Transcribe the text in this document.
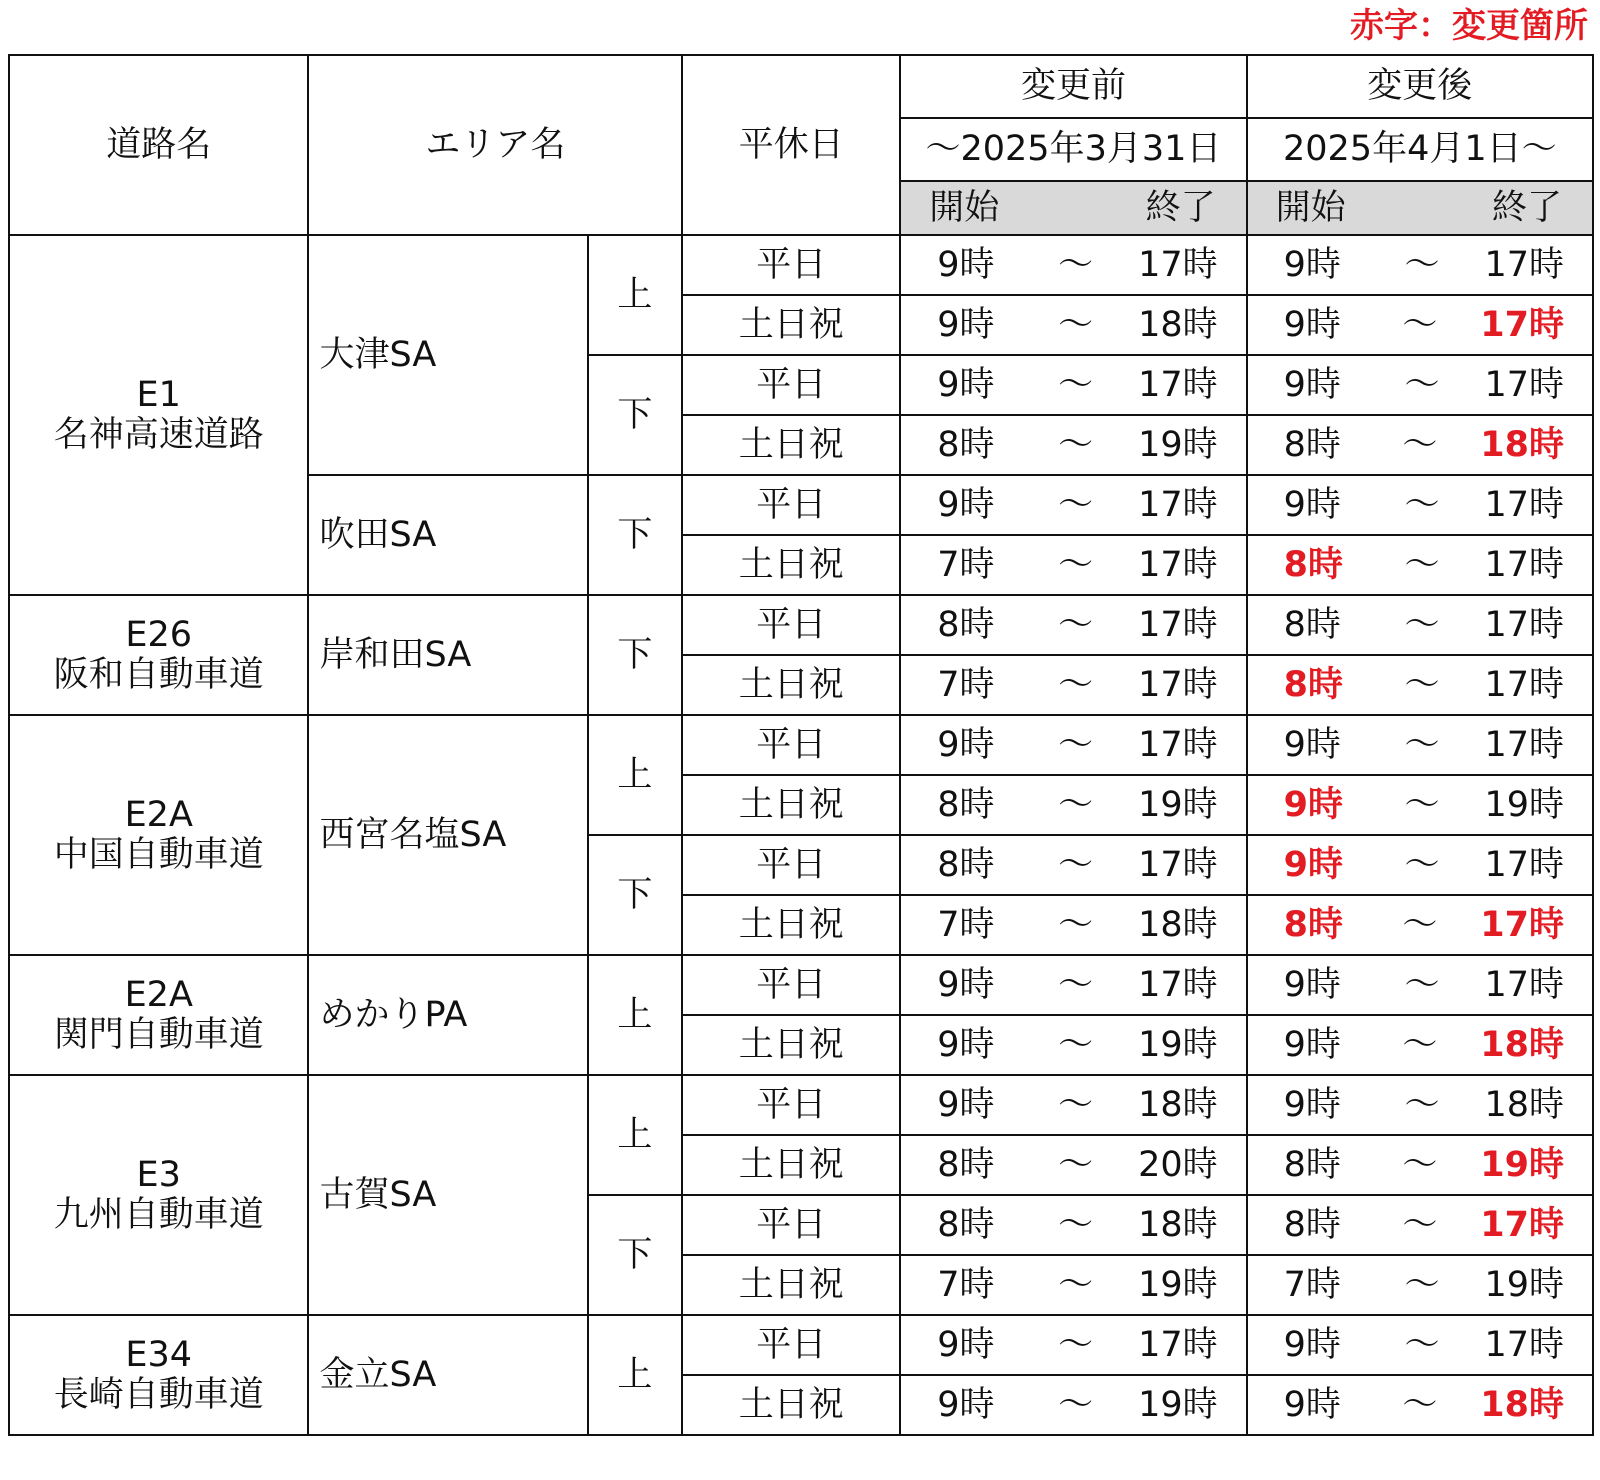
赤字：変更箇所
道路名	エリア名		平休日	変更前	変更後
				～2025年3月31日	2025年4月1日～

				開始 終了	開始 終了

E1
名神高速道路	大津SA	上	平日	9時 ～ 17時	9時 ～ 17時

			土日祝	9時 ～ 18時	9時 ～ 17時

		下	平日	9時 ～ 17時	9時 ～ 17時

			土日祝	8時 ～ 19時	8時 ～ 18時

	吹田SA	下	平日	9時 ～ 17時	9時 ～ 17時

			土日祝	7時 ～ 17時	8時 ～ 17時

E26
阪和自動車道	岸和田SA	下	平日	8時 ～ 17時	8時 ～ 17時

			土日祝	7時 ～ 17時	8時 ～ 17時

E2A
中国自動車道	西宮名塩SA	上	平日	9時 ～ 17時	9時 ～ 17時

			土日祝	8時 ～ 19時	9時 ～ 19時

		下	平日	8時 ～ 17時	9時 ～ 17時

			土日祝	7時 ～ 18時	8時 ～ 17時

E2A
関門自動車道	めかりPA	上	平日	9時 ～ 17時	9時 ～ 17時

			土日祝	9時 ～ 19時	9時 ～ 18時

E3
九州自動車道	古賀SA	上	平日	9時 ～ 18時	9時 ～ 18時

			土日祝	8時 ～ 20時	8時 ～ 19時

		下	平日	8時 ～ 18時	8時 ～ 17時

			土日祝	7時 ～ 19時	7時 ～ 19時

E34
長崎自動車道	金立SA	上	平日	9時 ～ 17時	9時 ～ 17時

			土日祝	9時 ～ 19時	9時 ～ 18時
